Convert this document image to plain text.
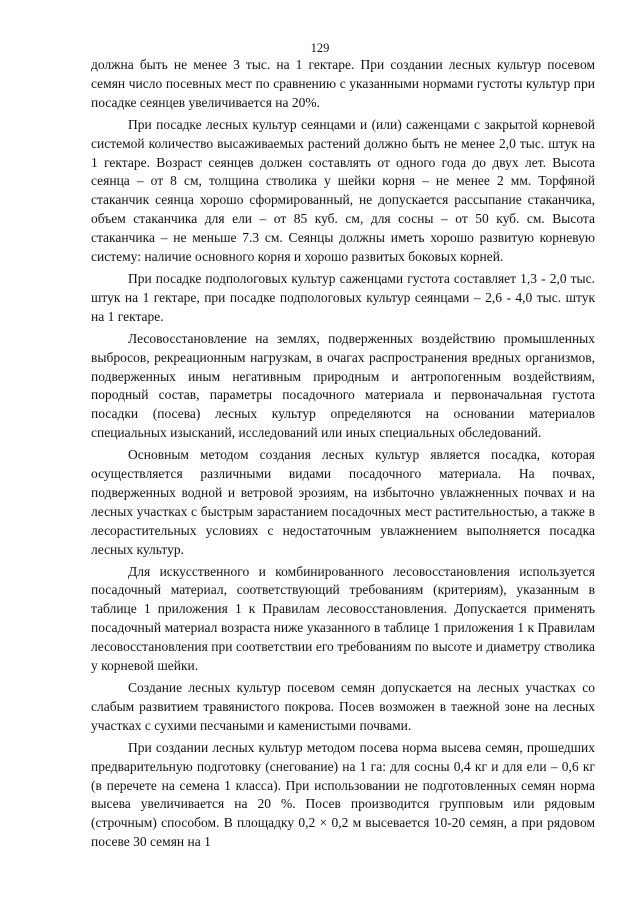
129

должна быть не менее 3 тыс. на 1 гектаре. При создании лесных культур посевом семян число посевных мест по сравнению с указанными нормами густоты культур при посадке сеянцев увеличивается на 20%.

При посадке лесных культур сеянцами и (или) саженцами с закрытой корневой системой количество высаживаемых растений должно быть не менее 2,0 тыс. штук на 1 гектаре. Возраст сеянцев должен составлять от одного года до двух лет. Высота сеянца – от 8 см, толщина стволика у шейки корня – не менее 2 мм. Торфяной стаканчик сеянца хорошо сформированный, не допускается рассыпание стаканчика, объем стаканчика для ели – от 85 куб. см, для сосны – от 50 куб. см. Высота стаканчика – не меньше 7.3 см. Сеянцы должны иметь хорошо развитую корневую систему: наличие основного корня и хорошо развитых боковых корней.

При посадке подпологовых культур саженцами густота составляет 1,3 - 2,0 тыс. штук на 1 гектаре, при посадке подпологовых культур сеянцами – 2,6 - 4,0 тыс. штук на 1 гектаре.

Лесовосстановление на землях, подверженных воздействию промышленных выбросов, рекреационным нагрузкам, в очагах распространения вредных организмов, подверженных иным негативным природным и антропогенным воздействиям, породный состав, параметры посадочного материала и первоначальная густота посадки (посева) лесных культур определяются на основании материалов специальных изысканий, исследований или иных специальных обследований.

Основным методом создания лесных культур является посадка, которая осуществляется различными видами посадочного материала. На почвах, подверженных водной и ветровой эрозиям, на избыточно увлажненных почвах и на лесных участках с быстрым зарастанием посадочных мест растительностью, а также в лесорастительных условиях с недостаточным увлажнением выполняется посадка лесных культур.

Для искусственного и комбинированного лесовосстановления используется посадочный материал, соответствующий требованиям (критериям), указанным в таблице 1 приложения 1 к Правилам лесовосстановления. Допускается применять посадочный материал возраста ниже указанного в таблице 1 приложения 1 к Правилам лесовосстановления при соответствии его требованиям по высоте и диаметру стволика у корневой шейки.

Создание лесных культур посевом семян допускается на лесных участках со слабым развитием травянистого покрова. Посев возможен в таежной зоне на лесных участках с сухими песчаными и каменистыми почвами.

При создании лесных культур методом посева норма высева семян, прошедших предварительную подготовку (снегование) на 1 га: для сосны 0,4 кг и для ели – 0,6 кг (в перечете на семена 1 класса). При использовании не подготовленных семян норма высева увеличивается на 20 %. Посев производится групповым или рядовым (строчным) способом. В площадку 0,2 × 0,2 м высевается 10-20 семян, а при рядовом посеве 30 семян на 1
